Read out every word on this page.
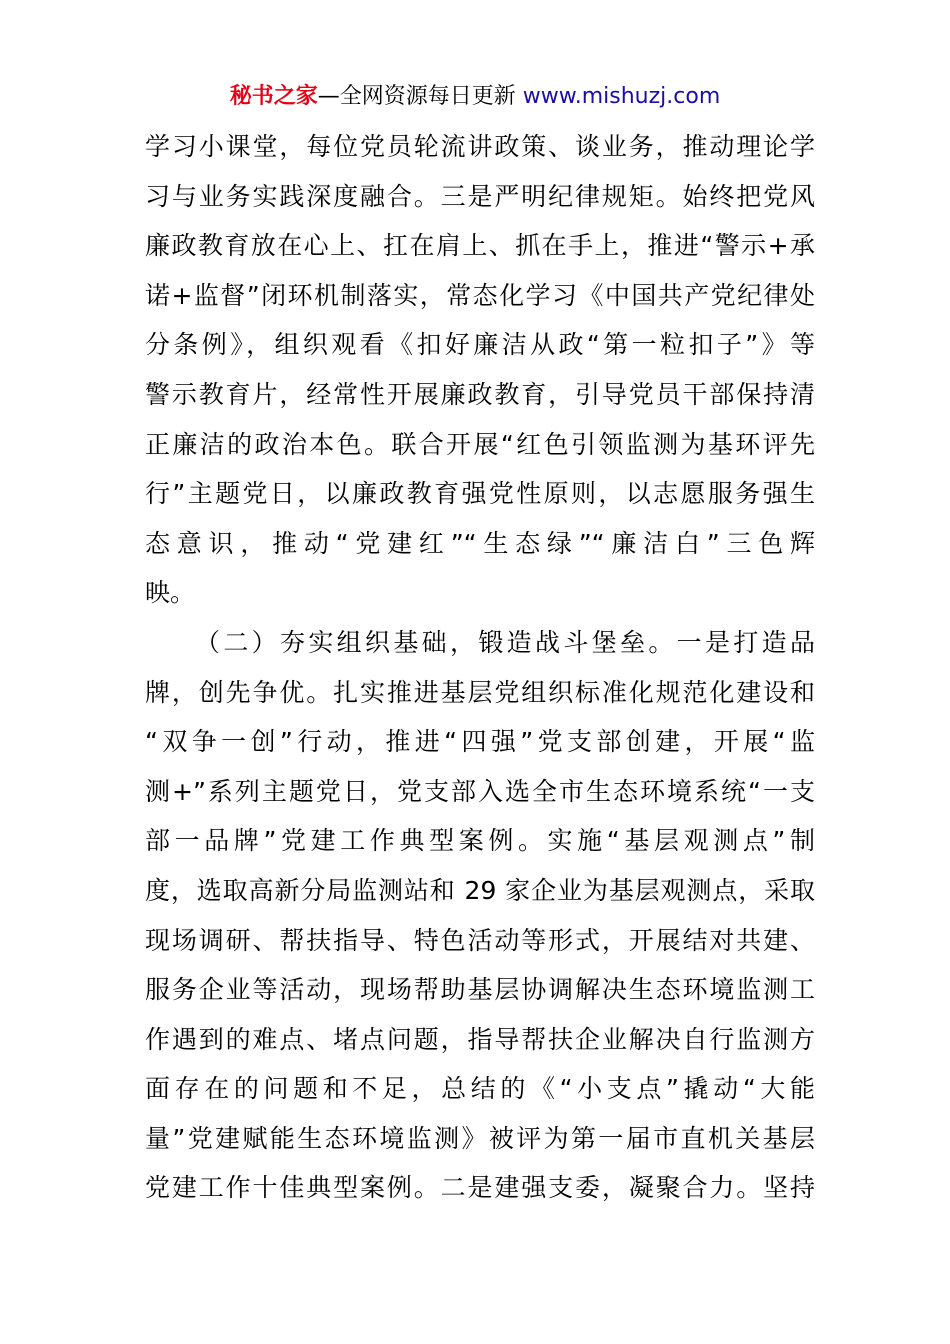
秘书之家—全网资源每日更新 www.mishuzj.com
学习小课堂，每位党员轮流讲政策、谈业务，推动理论学
习与业务实践深度融合。三是严明纪律规矩。始终把党风
廉政教育放在心上、扛在肩上、抓在手上，推进“警示+承
诺+监督”闭环机制落实，常态化学习《中国共产党纪律处
分条例》，组织观看《扣好廉洁从政“第一粒扣子”》等
警示教育片，经常性开展廉政教育，引导党员干部保持清
正廉洁的政治本色。联合开展“红色引领监测为基环评先
行”主题党日，以廉政教育强党性原则，以志愿服务强生
态意识，推动“党建红”“生态绿”“廉洁白”三色辉
映。
（二）夯实组织基础，锻造战斗堡垒。一是打造品
牌，创先争优。扎实推进基层党组织标准化规范化建设和
“双争一创”行动，推进“四强”党支部创建，开展“监
测+”系列主题党日，党支部入选全市生态环境系统“一支
部一品牌”党建工作典型案例。实施“基层观测点”制
度，选取高新分局监测站和 29 家企业为基层观测点，采取
现场调研、帮扶指导、特色活动等形式，开展结对共建、
服务企业等活动，现场帮助基层协调解决生态环境监测工
作遇到的难点、堵点问题，指导帮扶企业解决自行监测方
面存在的问题和不足，总结的《“小支点”撬动“大能
量”党建赋能生态环境监测》被评为第一届市直机关基层
党建工作十佳典型案例。二是建强支委，凝聚合力。坚持
